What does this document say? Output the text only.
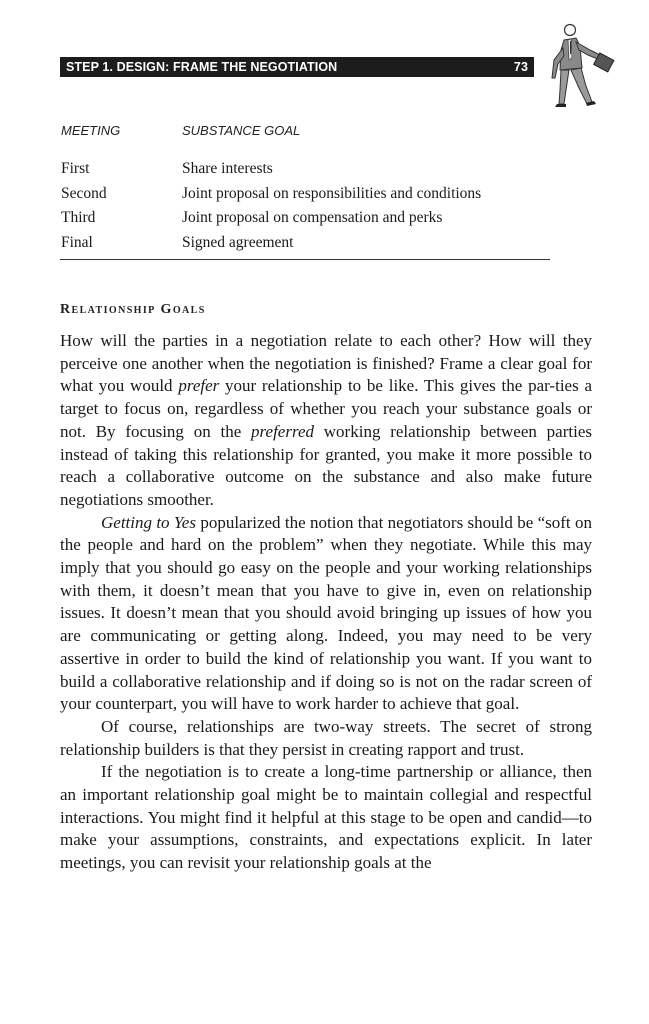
STEP 1. DESIGN: FRAME THE NEGOTIATION	73
MEETING	SUBSTANCE GOAL
First	Share interests
Second	Joint proposal on responsibilities and conditions
Third	Joint proposal on compensation and perks
Final	Signed agreement
Relationship Goals

How will the parties in a negotiation relate to each other? How will they perceive one another when the negotiation is finished? Frame a clear goal for what you would prefer your relationship to be like. This gives the par-ties a target to focus on, regardless of whether you reach your substance goals or not. By focusing on the preferred working relationship between parties instead of taking this relationship for granted, you make it more possible to reach a collaborative outcome on the substance and also make future negotiations smoother.

Getting to Yes popularized the notion that negotiators should be “soft on the people and hard on the problem” when they negotiate. While this may imply that you should go easy on the people and your working relationships with them, it doesn’t mean that you have to give in, even on relationship issues. It doesn’t mean that you should avoid bringing up issues of how you are communicating or getting along. Indeed, you may need to be very assertive in order to build the kind of relationship you want. If you want to build a collaborative relationship and if doing so is not on the radar screen of your counterpart, you will have to work harder to achieve that goal.

Of course, relationships are two-way streets. The secret of strong relationship builders is that they persist in creating rapport and trust.

If the negotiation is to create a long-time partnership or alliance, then an important relationship goal might be to maintain collegial and respectful interactions. You might find it helpful at this stage to be open and candid—to make your assumptions, constraints, and expectations explicit. In later meetings, you can revisit your relationship goals at the
